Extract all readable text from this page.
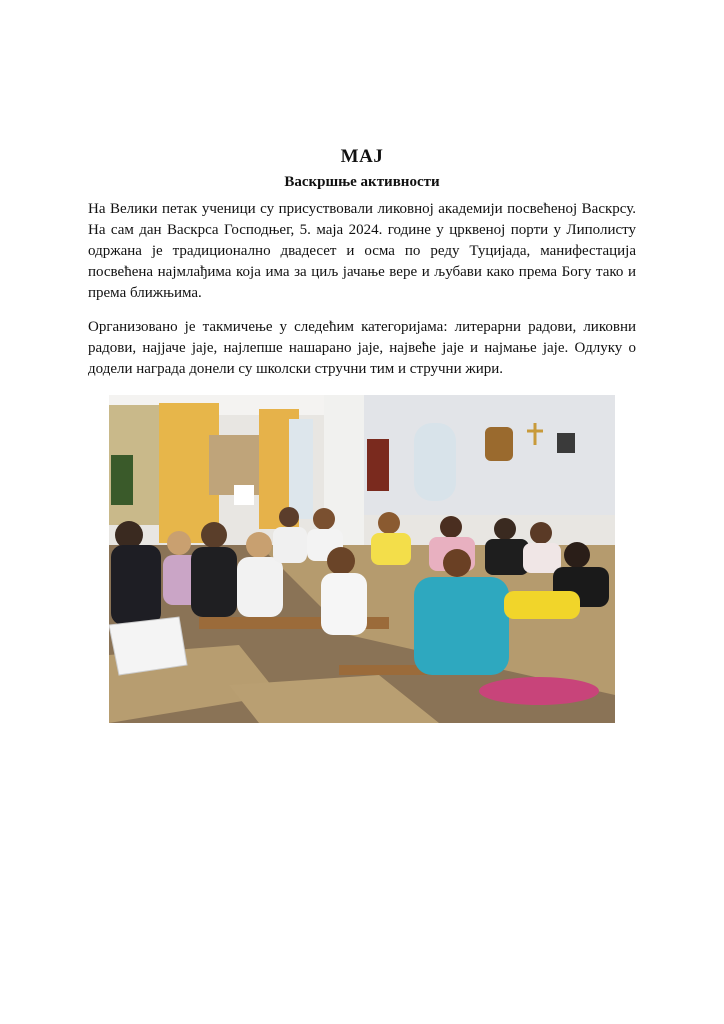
МАЈ
Васкршње активности

На Велики петак ученици су присуствовали ликовној академији посвећеној Васкрсу. На сам дан Васкрса Господњег, 5. маја 2024. године у црквеној порти у Липолисту одржана је традиционално двадесет и осма по реду Туцијада, манифестација посвећена најмлађима која има за циљ јачање вере и љубави како према Богу тако и према ближњима.

Организовано је такмичење у следећим категоријама: литерарни радови, ликовни радови, најјаче јаје, најлепше нашарано јаје, највеће јаје и најмање јаје. Одлуку о додели награда донели су школски стручни тим и стручни жири.
